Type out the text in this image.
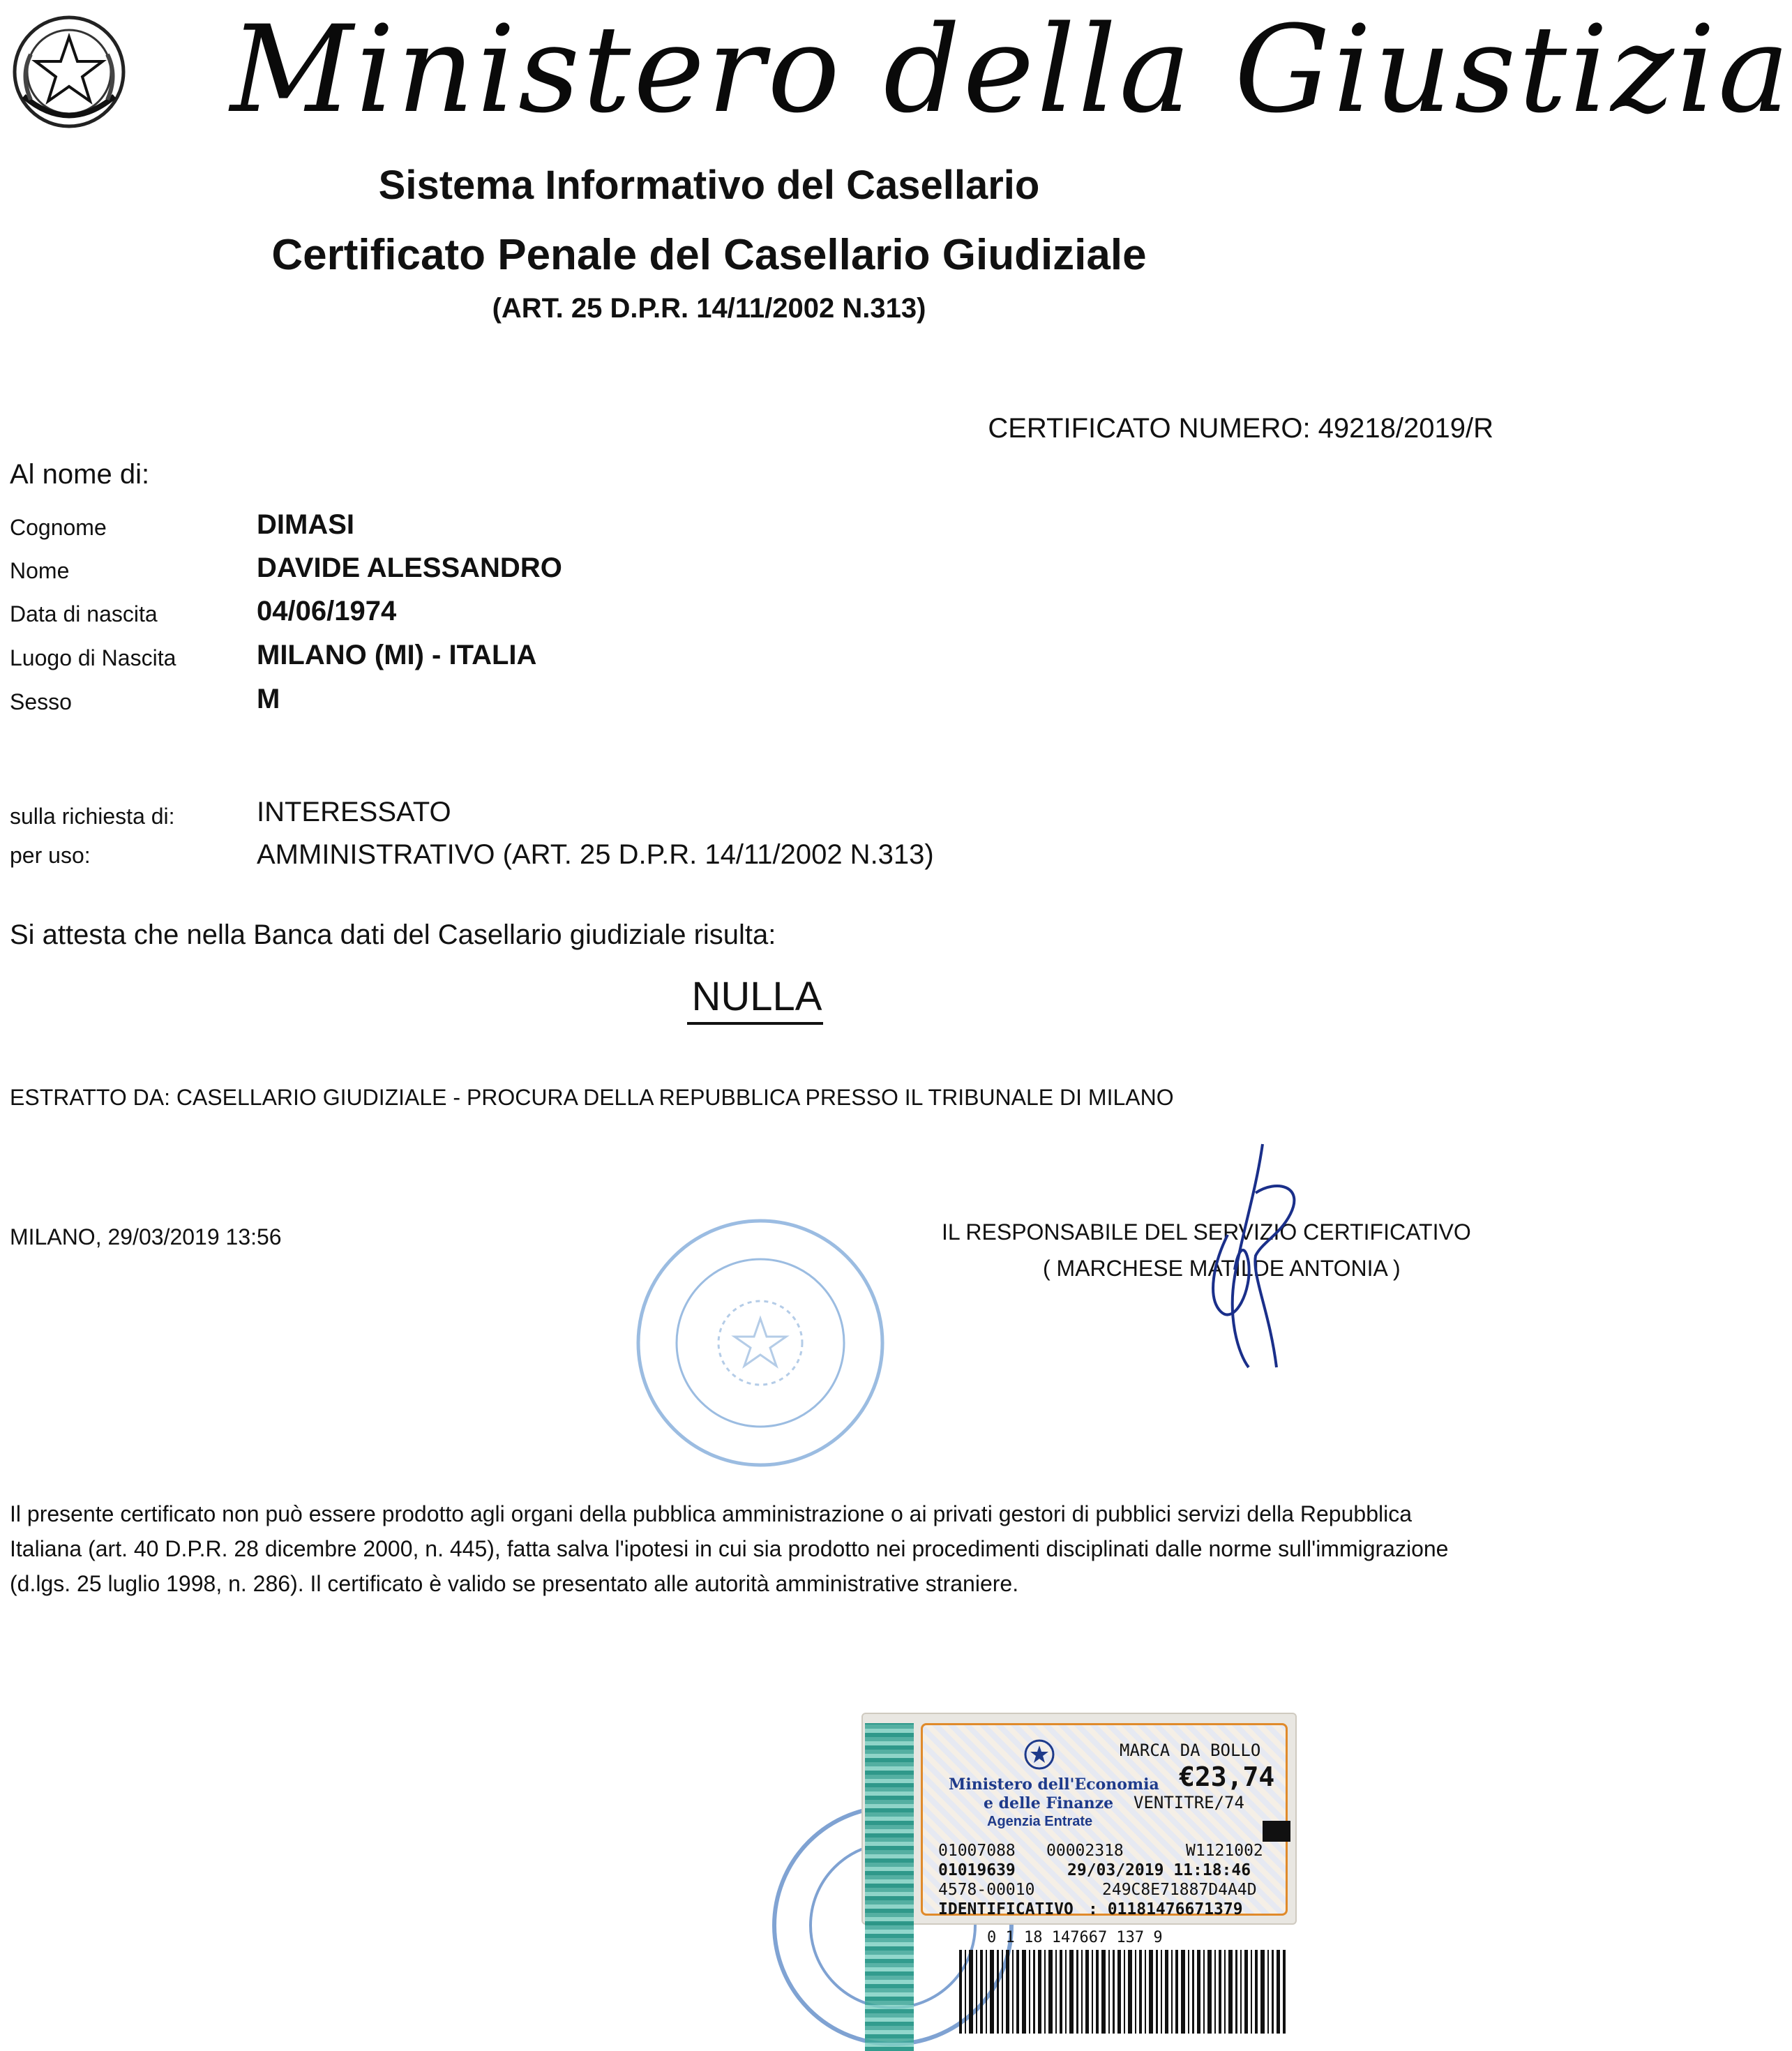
Ministero della Giustizia
Sistema Informativo del Casellario
Certificato Penale del Casellario Giudiziale
(ART. 25 D.P.R. 14/11/2002 N.313)
CERTIFICATO NUMERO: 49218/2019/R
Al nome di:
Cognome	DIMASI
Nome	DAVIDE ALESSANDRO
Data di nascita	04/06/1974
Luogo di Nascita	MILANO (MI) - ITALIA
Sesso	M
sulla richiesta di:	INTERESSATO
per uso:	AMMINISTRATIVO (ART. 25 D.P.R. 14/11/2002 N.313)
Si attesta che nella Banca dati del Casellario giudiziale risulta:
NULLA
ESTRATTO DA: CASELLARIO GIUDIZIALE - PROCURA DELLA REPUBBLICA PRESSO IL TRIBUNALE DI MILANO
MILANO, 29/03/2019 13:56	IL RESPONSABILE DEL SERVIZIO CERTIFICATIVO
( MARCHESE MATILDE ANTONIA )
Il presente certificato non può essere prodotto agli organi della pubblica amministrazione o ai privati gestori di pubblici servizi della Repubblica Italiana (art. 40 D.P.R. 28 dicembre 2000, n. 445), fatta salva l'ipotesi in cui sia prodotto nei procedimenti disciplinati dalle norme sull'immigrazione (d.lgs. 25 luglio 1998, n. 286). Il certificato è valido se presentato alle autorità amministrative straniere.
Ministero dell'Economia
e delle Finanze
MARCA DA BOLLO
€23,74
VENTITRE/74
Agenzia Entrate
01007088 00002318	W1121002
01019639	29/03/2019 11:18:46
4578-00010	249C8E71887D4A4D
IDENTIFICATIVO : 01181476671379
0 1 18 147667 137 9
